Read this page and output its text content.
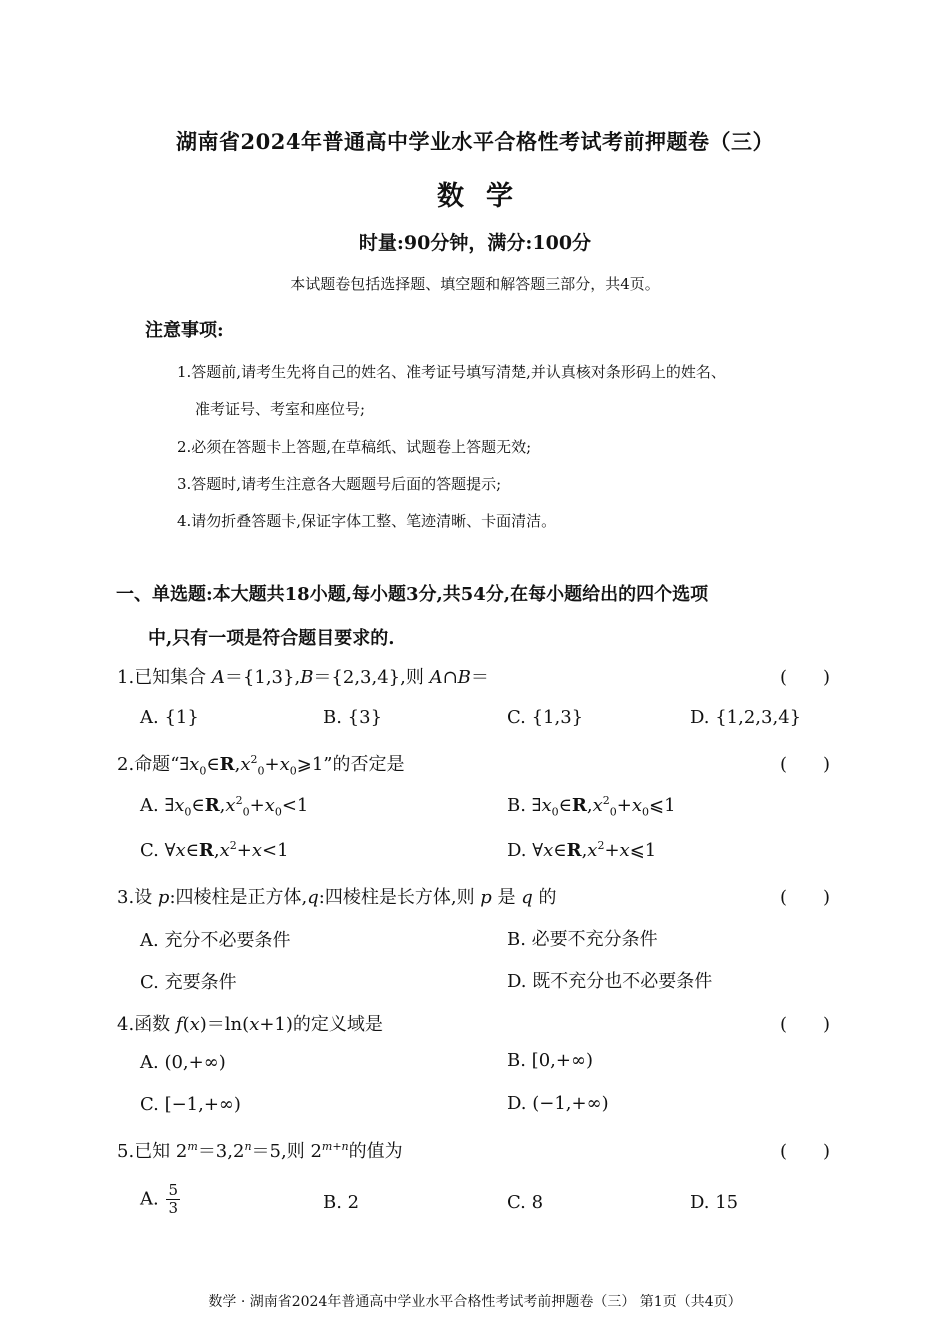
湖南省2024年普通高中学业水平合格性考试考前押题卷（三）
数学
时量:90分钟，满分:100分
本试题卷包括选择题、填空题和解答题三部分，共4页。
注意事项:
1.答题前,请考生先将自己的姓名、准考证号填写清楚,并认真核对条形码上的姓名、
准考证号、考室和座位号;
2.必须在答题卡上答题,在草稿纸、试题卷上答题无效;
3.答题时,请考生注意各大题题号后面的答题提示;
4.请勿折叠答题卡,保证字体工整、笔迹清晰、卡面清洁。
一、单选题:本大题共18小题,每小题3分,共54分,在每小题给出的四个选项
中,只有一项是符合题目要求的.
1.已知集合 A＝{1,3},B＝{2,3,4},则 A∩B＝	(　　)
A. {1}	B. {3}	C. {1,3}	D. {1,2,3,4}
2.命题“$\exists x_0\in R,x^2_0+x_0⩾1$”的否定是	(　　)
A. $\exists x_0\in R,x^2_0+x_0<1$	B. $\exists x_0\in R,x^2_0+x_0⩽1$
C. $\forall x\in R,x^2+x<1$	D. $\forall x\in R,x^2+x⩽1$
3.设 p:四棱柱是正方体,q:四棱柱是长方体,则 p 是 q 的	(　　)
A. 充分不必要条件	B. 必要不充分条件
C. 充要条件	D. 既不充分也不必要条件
4.函数 f(x)＝ln(x+1)的定义域是	(　　)
A. (0,+∞)	B. [0,+∞)
C. [−1,+∞)	D. (−1,+∞)
5.已知 $2^m=3,2^n=5$,则 $2^{m+n}$的值为	(　　)
A. $\frac{5}{3}$	B. 2	C. 8	D. 15
数学 · 湖南省2024年普通高中学业水平合格性考试考前押题卷（三） 第1页（共4页）
